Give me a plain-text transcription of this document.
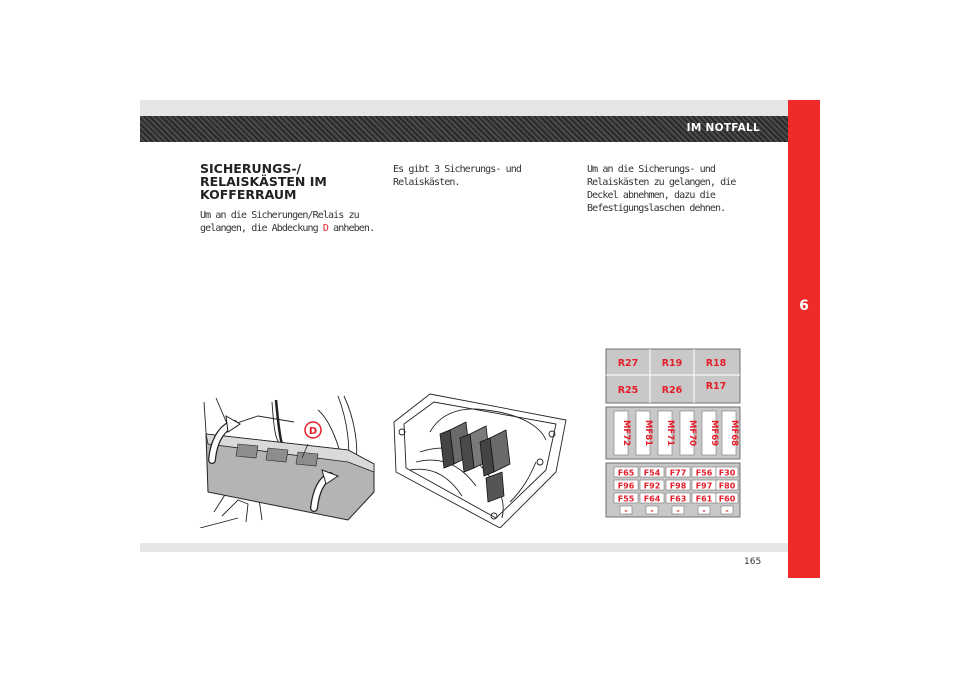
IM NOTFALL
6
SICHERUNGS-/ RELAISKÄSTEN IM KOFFERRAUM

Um an die Sicherungen/Relais zu gelangen, die Abdeckung D anheben.

Es gibt 3 Sicherungs- und Relaiskästen.

Um an die Sicherungs- und Relaiskästen zu gelangen, die Deckel abnehmen, dazu die Befestigungslaschen dehnen.

D
R27 R19 R18
R25 R26 R17
MF72 MF81 MF71 MF70 MF69 MF68
F65 F54 F77 F56 F30
F96 F92 F98 F97 F80
F55 F64 F63 F61 F60
-	-	-	- -
165
